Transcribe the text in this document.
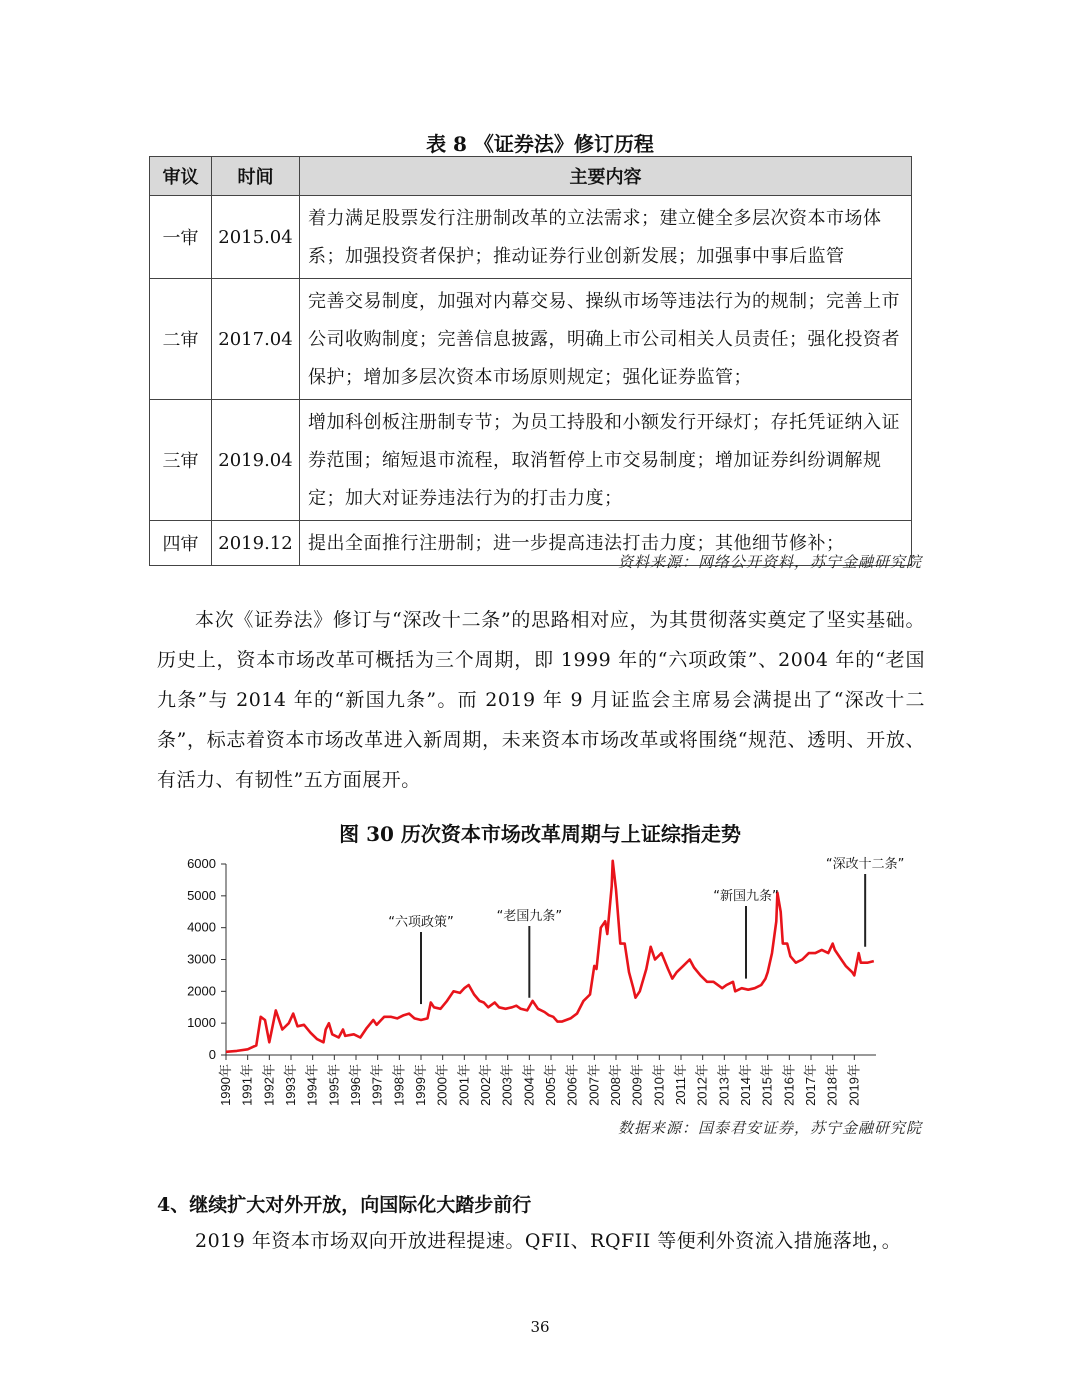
表 8 《证券法》修订历程
审议	时间	主要内容
一审	2015.04	着力满足股票发行注册制改革的立法需求；建立健全多层次资本市场体系；加强投资者保护；推动证券行业创新发展；加强事中事后监管
二审	2017.04	完善交易制度，加强对内幕交易、操纵市场等违法行为的规制；完善上市公司收购制度；完善信息披露，明确上市公司相关人员责任；强化投资者保护；增加多层次资本市场原则规定；强化证券监管；
三审	2019.04	增加科创板注册制专节；为员工持股和小额发行开绿灯；存托凭证纳入证券范围；缩短退市流程，取消暂停上市交易制度；增加证券纠纷调解规定；加大对证券违法行为的打击力度；
四审	2019.12	提出全面推行注册制；进一步提高违法打击力度；其他细节修补；
资料来源：网络公开资料，苏宁金融研究院
本次《证券法》修订与“深改十二条”的思路相对应，为其贯彻落实奠定了坚实基础。历史上，资本市场改革可概括为三个周期，即 1999 年的“六项政策”、2004 年的“老国九条”与 2014 年的“新国九条”。而 2019 年 9 月证监会主席易会满提出了“深改十二条”，标志着资本市场改革进入新周期，未来资本市场改革或将围绕“规范、透明、开放、有活力、有韧性”五方面展开。
图 30 历次资本市场改革周期与上证综指走势
0
1000
2000
3000
4000
5000
6000
1990年 1991年 1992年 1993年 1994年 1995年 1996年 1997年 1998年 1999年 2000年 2001年 2002年 2003年 2004年 2005年 2006年 2007年 2008年 2009年 2010年 2011年 2012年 2013年 2014年 2015年 2016年 2017年 2018年 2019年
“六项政策”	“老国九条”
“新国九条”
“深改十二条”
数据来源：国泰君安证券，苏宁金融研究院
4、继续扩大对外开放，向国际化大踏步前行
2019 年资本市场双向开放进程提速。QFII、RQFII 等便利外资流入措施落地，。
36
